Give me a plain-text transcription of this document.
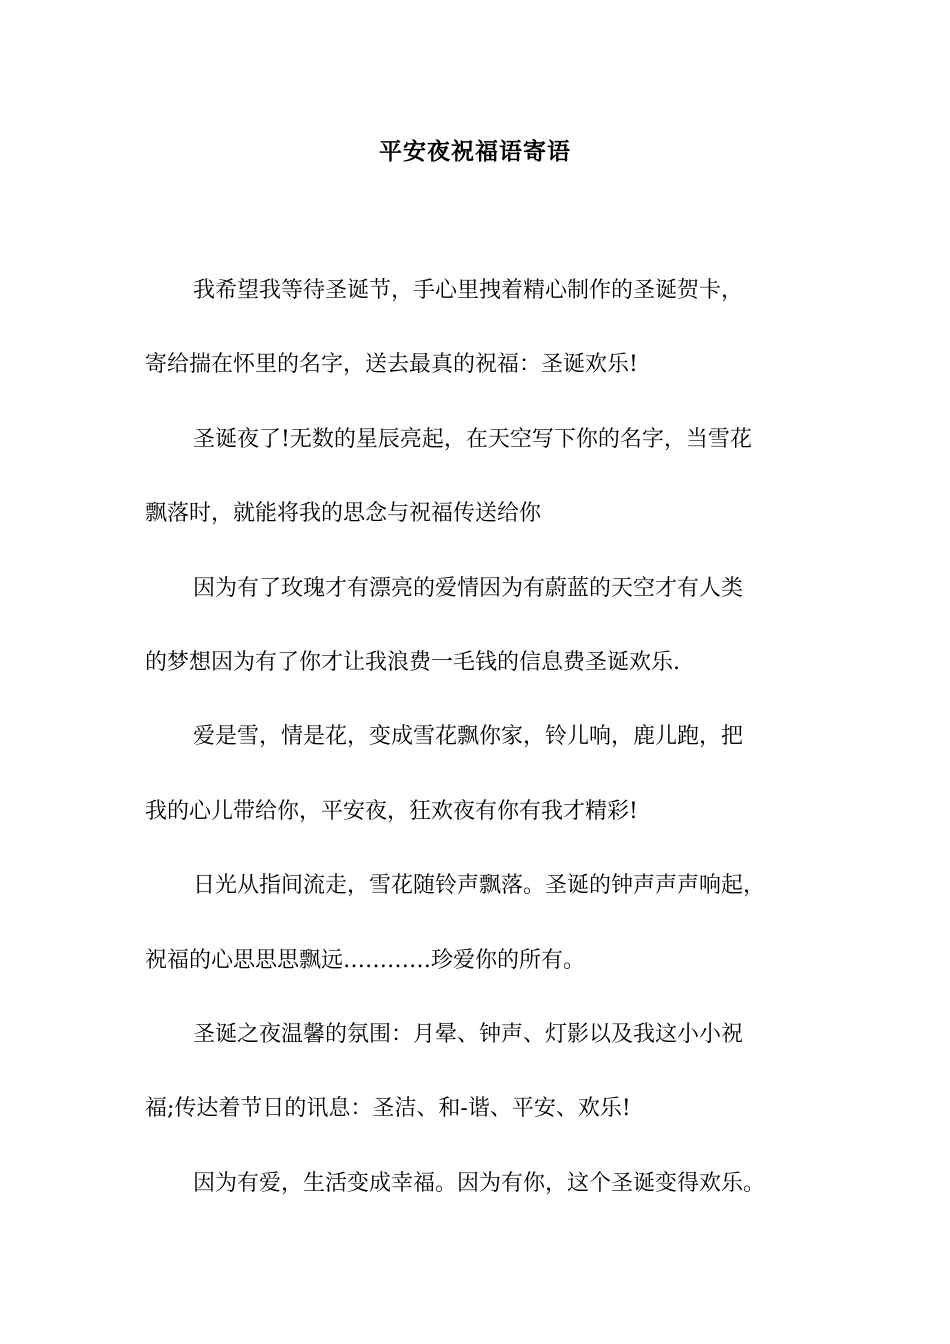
平安夜祝福语寄语
我希望我等待圣诞节，手心里拽着精心制作的圣诞贺卡，
寄给揣在怀里的名字，送去最真的祝福：圣诞欢乐!
圣诞夜了!无数的星辰亮起，在天空写下你的名字，当雪花
飘落时，就能将我的思念与祝福传送给你
因为有了玫瑰才有漂亮的爱情因为有蔚蓝的天空才有人类
的梦想因为有了你才让我浪费一毛钱的信息费圣诞欢乐.
爱是雪，情是花，变成雪花飘你家，铃儿响，鹿儿跑，把
我的心儿带给你，平安夜，狂欢夜有你有我才精彩!
日光从指间流走，雪花随铃声飘落。圣诞的钟声声声响起，
祝福的心思思思飘远…………珍爱你的所有。
圣诞之夜温馨的氛围：月晕、钟声、灯影以及我这小小祝
福;传达着节日的讯息：圣洁、和-谐、平安、欢乐!
因为有爱，生活变成幸福。因为有你，这个圣诞变得欢乐。
